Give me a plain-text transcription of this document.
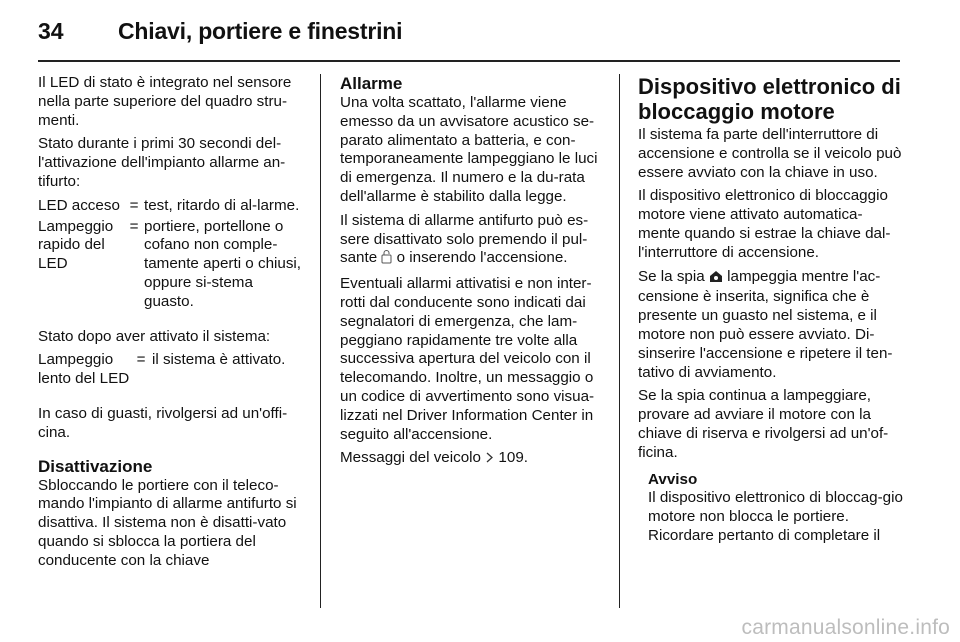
34 Chiavi, portiere e finestrini

Il LED di stato è integrato nel sensore nella parte superiore del quadro stru-menti.

Stato durante i primi 30 secondi del-l'attivazione dell'impianto allarme an-tifurto:

LED acceso = test, ritardo di al-larme.
Lampeggio rapido del LED
= portiere, portellone o cofano non comple-tamente aperti o chiusi, oppure si-stema guasto.

Stato dopo aver attivato il sistema:

Lampeggio lento del LED
= il sistema è attivato.

In caso di guasti, rivolgersi ad un'offi-cina.

Disattivazione

Sbloccando le portiere con il teleco-mando l'impianto di allarme antifurto si disattiva. Il sistema non è disatti-vato quando si sblocca la portiera del conducente con la chiave

Allarme

Una volta scattato, l'allarme viene emesso da un avvisatore acustico se-parato alimentato a batteria, e con-temporaneamente lampeggiano le luci di emergenza. Il numero e la du-rata dell'allarme è stabilito dalla legge.

Il sistema di allarme antifurto può es-sere disattivato solo premendo il pul-sante  o inserendo l'accensione.

Eventuali allarmi attivatisi e non inter-rotti dal conducente sono indicati dai segnalatori di emergenza, che lam-peggiano rapidamente tre volte alla successiva apertura del veicolo con il telecomando. Inoltre, un messaggio o un codice di avvertimento sono visua-lizzati nel Driver Information Center in seguito all'accensione.

Messaggi del veicolo  109.

Dispositivo elettronico di bloccaggio motore

Il sistema fa parte dell'interruttore di accensione e controlla se il veicolo può essere avviato con la chiave in uso.

Il dispositivo elettronico di bloccaggio motore viene attivato automatica-mente quando si estrae la chiave dal-l'interruttore di accensione.

Se la spia  lampeggia mentre l'ac-censione è inserita, significa che è presente un guasto nel sistema, e il motore non può essere avviato. Di-sinserire l'accensione e ripetere il ten-tativo di avviamento.

Se la spia continua a lampeggiare, provare ad avviare il motore con la chiave di riserva e rivolgersi ad un'of-ficina.

Avviso
Il dispositivo elettronico di bloccag-gio motore non blocca le portiere. Ricordare pertanto di completare il
carmanualsonline.info
